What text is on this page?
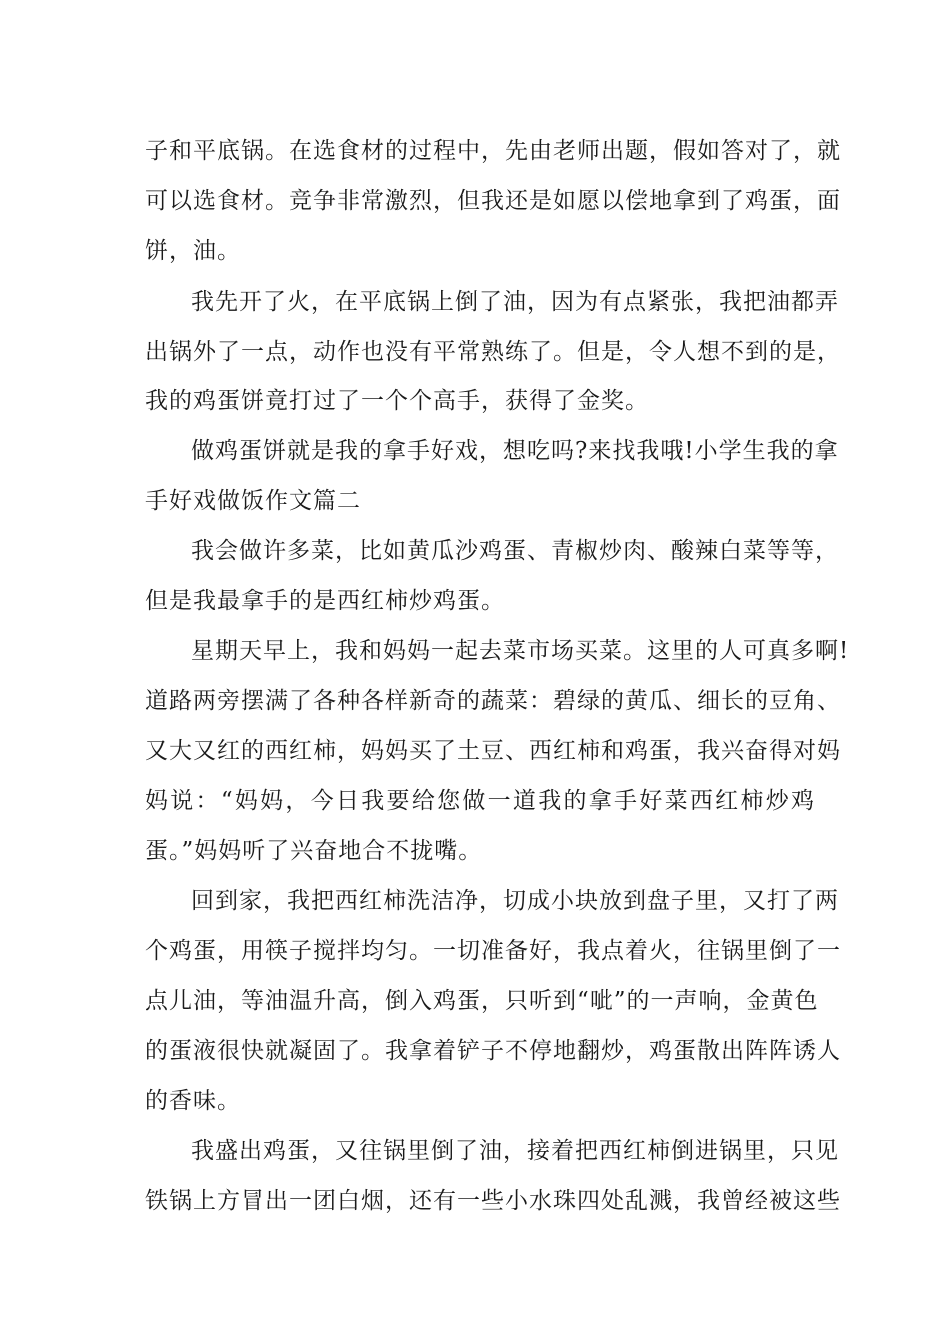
子和平底锅。在选食材的过程中，先由老师出题，假如答对了，就
可以选食材。竞争非常激烈，但我还是如愿以偿地拿到了鸡蛋，面
饼，油。
我先开了火，在平底锅上倒了油，因为有点紧张，我把油都弄
出锅外了一点，动作也没有平常熟练了。但是，令人想不到的是，
我的鸡蛋饼竟打过了一个个高手，获得了金奖。
做鸡蛋饼就是我的拿手好戏，想吃吗?来找我哦!小学生我的拿
手好戏做饭作文篇二
我会做许多菜，比如黄瓜沙鸡蛋、青椒炒肉、酸辣白菜等等，
但是我最拿手的是西红柿炒鸡蛋。
星期天早上，我和妈妈一起去菜市场买菜。这里的人可真多啊!
道路两旁摆满了各种各样新奇的蔬菜：碧绿的黄瓜、细长的豆角、
又大又红的西红柿，妈妈买了土豆、西红柿和鸡蛋，我兴奋得对妈
妈说：“妈妈，今日我要给您做一道我的拿手好菜西红柿炒鸡
蛋。”妈妈听了兴奋地合不拢嘴。
回到家，我把西红柿洗洁净，切成小块放到盘子里，又打了两
个鸡蛋，用筷子搅拌均匀。一切准备好，我点着火，往锅里倒了一
点儿油，等油温升高，倒入鸡蛋，只听到“呲”的一声响，金黄色
的蛋液很快就凝固了。我拿着铲子不停地翻炒，鸡蛋散出阵阵诱人
的香味。
我盛出鸡蛋，又往锅里倒了油，接着把西红柿倒进锅里，只见
铁锅上方冒出一团白烟，还有一些小水珠四处乱溅，我曾经被这些
